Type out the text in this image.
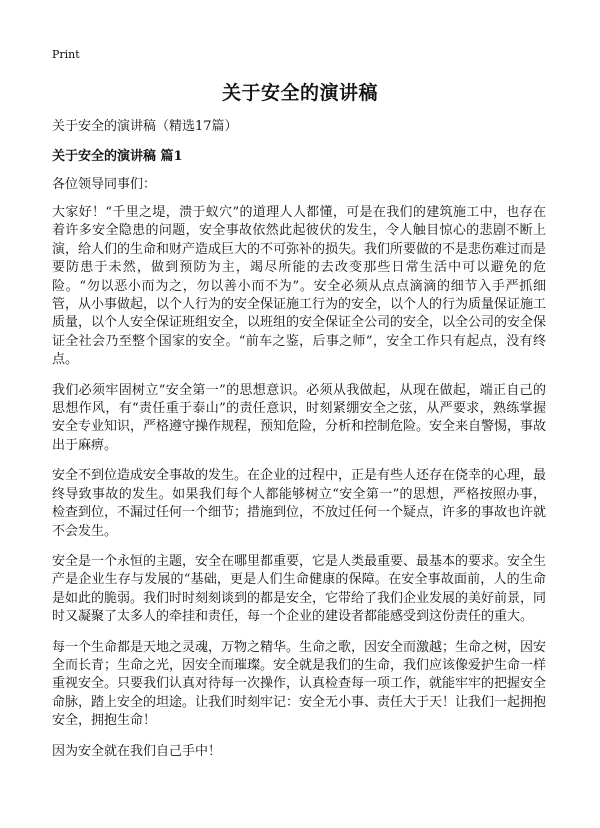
Print
关于安全的演讲稿

关于安全的演讲稿（精选17篇）

关于安全的演讲稿 篇1

各位领导同事们：

大家好！“千里之堤，溃于蚁穴”的道理人人都懂，可是在我们的建筑施工中，也存在着许多安全隐患的问题，安全事故依然此起彼伏的发生，令人触目惊心的悲剧不断上演，给人们的生命和财产造成巨大的不可弥补的损失。我们所要做的不是悲伤难过而是要防患于未然，做到预防为主，竭尽所能的去改变那些日常生活中可以避免的危险。“勿以恶小而为之，勿以善小而不为”。安全必须从点点滴滴的细节入手严抓细管，从小事做起，以个人行为的安全保证施工行为的安全，以个人的行为质量保证施工质量，以个人安全保证班组安全，以班组的安全保证全公司的安全，以全公司的安全保证全社会乃至整个国家的安全。“前车之鉴，后事之师”，安全工作只有起点，没有终点。

我们必须牢固树立“安全第一”的思想意识。必须从我做起，从现在做起，端正自己的思想作风，有“责任重于泰山”的责任意识，时刻紧绷安全之弦，从严要求，熟练掌握安全专业知识，严格遵守操作规程，预知危险，分析和控制危险。安全来自警惕，事故出于麻痹。

安全不到位造成安全事故的发生。在企业的过程中，正是有些人还存在侥幸的心理，最终导致事故的发生。如果我们每个人都能够树立“安全第一”的思想，严格按照办事，检查到位，不漏过任何一个细节；措施到位，不放过任何一个疑点，许多的事故也许就不会发生。

安全是一个永恒的主题，安全在哪里都重要，它是人类最重要、最基本的要求。安全生产是企业生存与发展的“基础，更是人们生命健康的保障。在安全事故面前，人的生命是如此的脆弱。我们时时刻刻谈到的都是安全，它带给了我们企业发展的美好前景，同时又凝聚了太多人的牵挂和责任，每一个企业的建设者都能感受到这份责任的重大。

每一个生命都是天地之灵魂，万物之精华。生命之歌，因安全而激越；生命之树，因安全而长青；生命之光，因安全而璀璨。安全就是我们的生命，我们应该像爱护生命一样重视安全。只要我们认真对待每一次操作，认真检查每一项工作，就能牢牢的把握安全命脉，踏上安全的坦途。让我们时刻牢记：安全无小事、责任大于天！让我们一起拥抱安全，拥抱生命！

因为安全就在我们自己手中！
